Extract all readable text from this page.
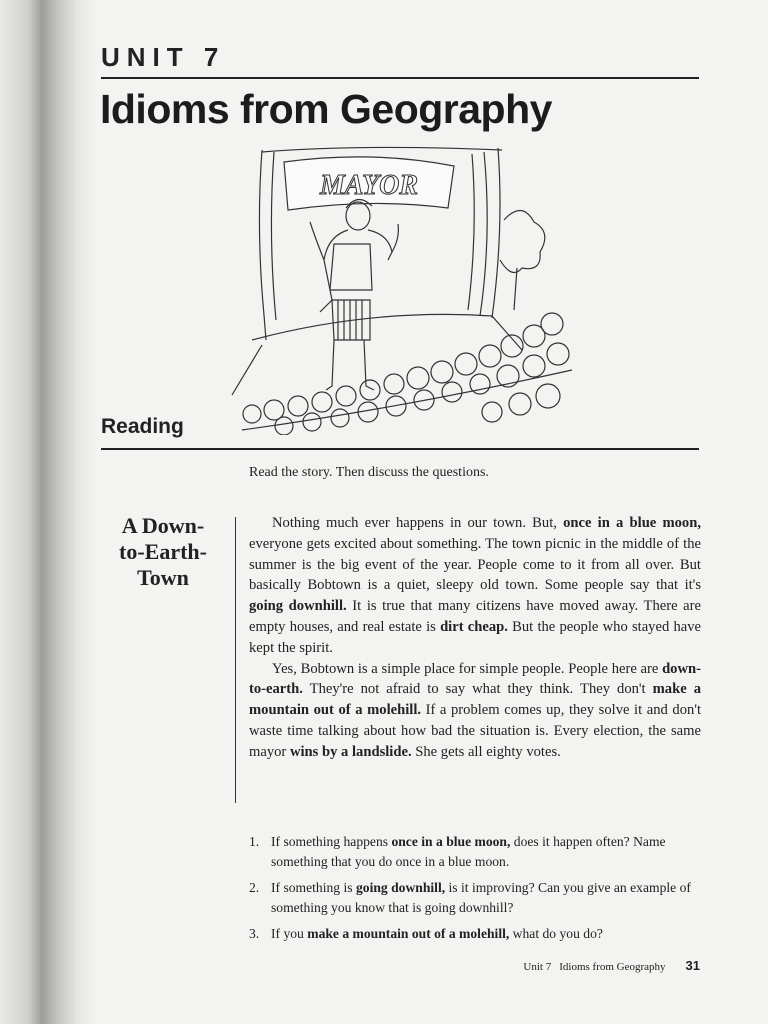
UNIT 7
Idioms from Geography
MAYOR
Reading
Read the story. Then discuss the questions.
A Down-
to-Earth-
Town

Nothing much ever happens in our town. But, once in a blue moon, everyone gets excited about something. The town picnic in the middle of the summer is the big event of the year. People come to it from all over. But basically Bobtown is a quiet, sleepy old town. Some people say that it's going downhill. It is true that many citizens have moved away. There are empty houses, and real estate is dirt cheap. But the people who stayed have kept the spirit.

Yes, Bobtown is a simple place for simple people. People here are down-to-earth. They're not afraid to say what they think. They don't make a mountain out of a molehill. If a problem comes up, they solve it and don't waste time talking about how bad the situation is. Every election, the same mayor wins by a landslide. She gets all eighty votes.

1. If something happens once in a blue moon, does it happen often? Name something that you do once in a blue moon.
2. If something is going downhill, is it improving? Can you give an example of something you know that is going downhill?
3. If you make a mountain out of a molehill, what do you do?
Unit 7 Idioms from Geography 31
